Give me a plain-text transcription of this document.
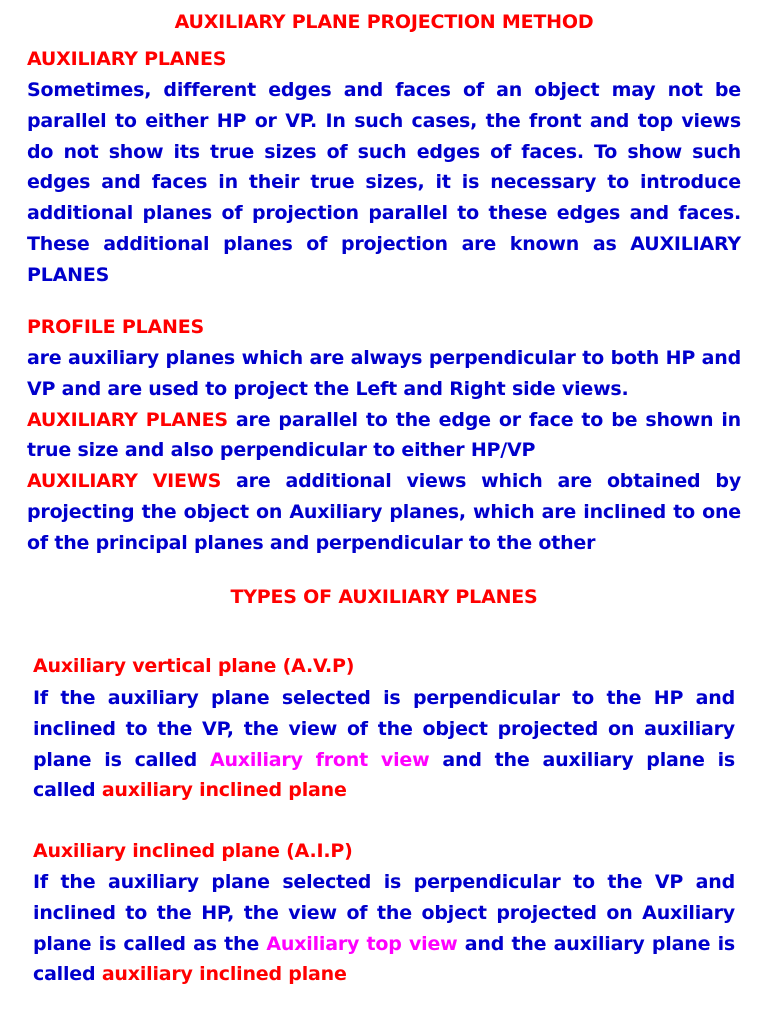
AUXILIARY PLANE PROJECTION METHOD
AUXILIARY PLANES

Sometimes, different edges and faces of an object may not be parallel to either HP or VP. In such cases, the front and top views do not show its true sizes of such edges of faces. To show such edges and faces in their true sizes, it is necessary to introduce additional planes of projection parallel to these edges and faces. These additional planes of projection are known as AUXILIARY PLANES

PROFILE PLANES

are auxiliary planes which are always perpendicular to both HP and VP and are used to project the Left and Right side views.
AUXILIARY PLANES are parallel to the edge or face to be shown in true size and also perpendicular to either HP/VP
AUXILIARY VIEWS are additional views which are obtained by projecting the object on Auxiliary planes, which are inclined to one of the principal planes and perpendicular to the other

TYPES OF AUXILIARY PLANES
Auxiliary vertical plane (A.V.P)

If the auxiliary plane selected is perpendicular to the HP and inclined to the VP, the view of the object projected on auxiliary plane is called Auxiliary front view and the auxiliary plane is called auxiliary inclined plane

Auxiliary inclined plane (A.I.P)

If the auxiliary plane selected is perpendicular to the VP and inclined to the HP, the view of the object projected on Auxiliary plane is called as the Auxiliary top view and the auxiliary plane is called auxiliary inclined plane
